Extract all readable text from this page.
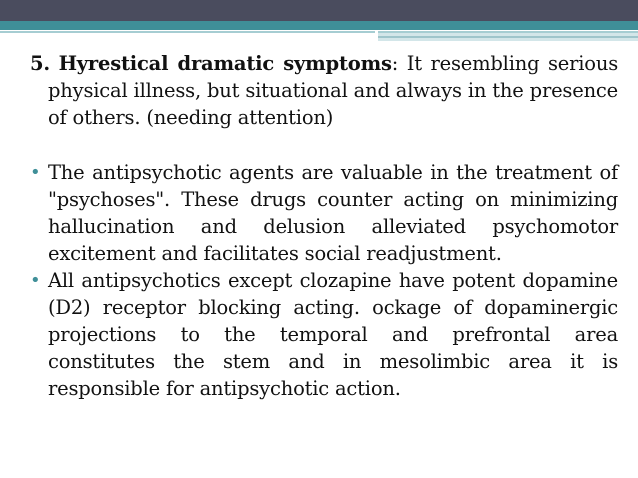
5. Hyrestical dramatic symptoms: It resembling serious physical illness, but situational and always in the presence of others. (needing attention)

• The antipsychotic agents are valuable in the treatment of "psychoses". These drugs counter acting on minimizing hallucination and delusion alleviated psychomotor excitement and facilitates social readjustment.
• All antipsychotics except clozapine have potent dopamine (D2) receptor blocking acting. ockage of dopaminergic projections to the temporal and prefrontal area constitutes the stem and in mesolimbic area it is responsible for antipsychotic action.
